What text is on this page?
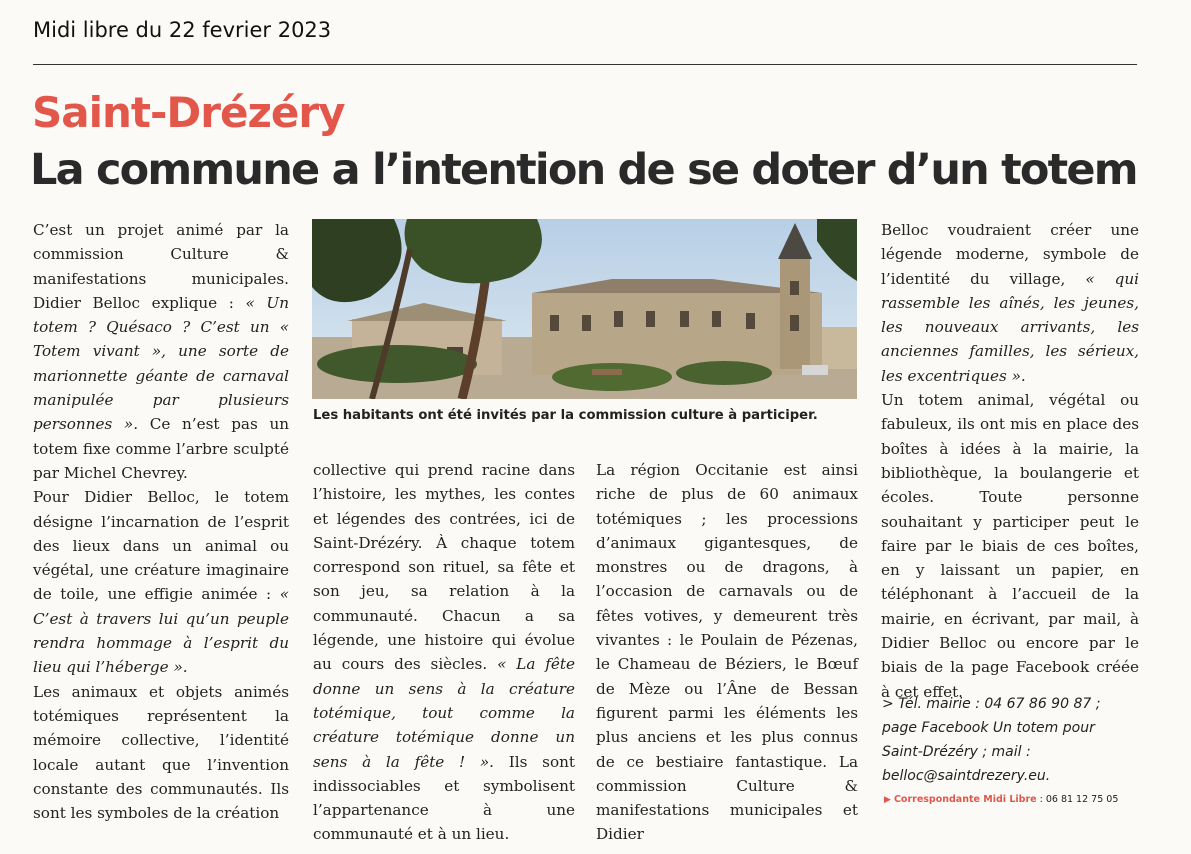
Midi libre du 22 fevrier 2023
Saint-Drézéry
La commune a l’intention de se doter d’un totem

C’est un projet animé par la commission Culture & manifestations municipales. Didier Belloc explique : « Un totem ? Quésaco ? C’est un « Totem vivant », une sorte de marionnette géante de carnaval manipulée par plusieurs personnes ». Ce n’est pas un totem fixe comme l’arbre sculpté par Michel Chevrey.

Pour Didier Belloc, le totem désigne l’incarnation de l’esprit des lieux dans un animal ou végétal, une créature imaginaire de toile, une effigie animée : « C’est à travers lui qu’un peuple rendra hommage à l’esprit du lieu qui l’héberge ».

Les animaux et objets animés totémiques représentent la mémoire collective, l’identité locale autant que l’invention constante des communautés. Ils sont les symboles de la création

Les habitants ont été invités par la commission culture à participer.

collective qui prend racine dans l’histoire, les mythes, les contes et légendes des contrées, ici de Saint-Drézéry. À chaque totem correspond son rituel, sa fête et son jeu, sa relation à la communauté. Chacun a sa légende, une histoire qui évolue au cours des siècles. « La fête donne un sens à la créature totémique, tout comme la créature totémique donne un sens à la fête ! ». Ils sont indissociables et symbolisent l’appartenance à une communauté et à un lieu.

La région Occitanie est ainsi riche de plus de 60 animaux totémiques ; les processions d’animaux gigantesques, de monstres ou de dragons, à l’occasion de carnavals ou de fêtes votives, y demeurent très vivantes : le Poulain de Pézenas, le Chameau de Béziers, le Bœuf de Mèze ou l’Âne de Bessan figurent parmi les éléments les plus anciens et les plus connus de ce bestiaire fantastique. La commission Culture & manifestations municipales et Didier

Belloc voudraient créer une légende moderne, symbole de l’identité du village, « qui rassemble les aînés, les jeunes, les nouveaux arrivants, les anciennes familles, les sérieux, les excentriques ».

Un totem animal, végétal ou fabuleux, ils ont mis en place des boîtes à idées à la mairie, la bibliothèque, la boulangerie et écoles. Toute personne souhaitant y participer peut le faire par le biais de ces boîtes, en y laissant un papier, en téléphonant à l’accueil de la mairie, en écrivant, par mail, à Didier Belloc ou encore par le biais de la page Facebook créée à cet effet.

> Tél. mairie : 04 67 86 90 87 ;
page Facebook Un totem pour
Saint-Drézéry ; mail :
belloc@saintdrezery.eu.
▶ Correspondante Midi Libre : 06 81 12 75 05
